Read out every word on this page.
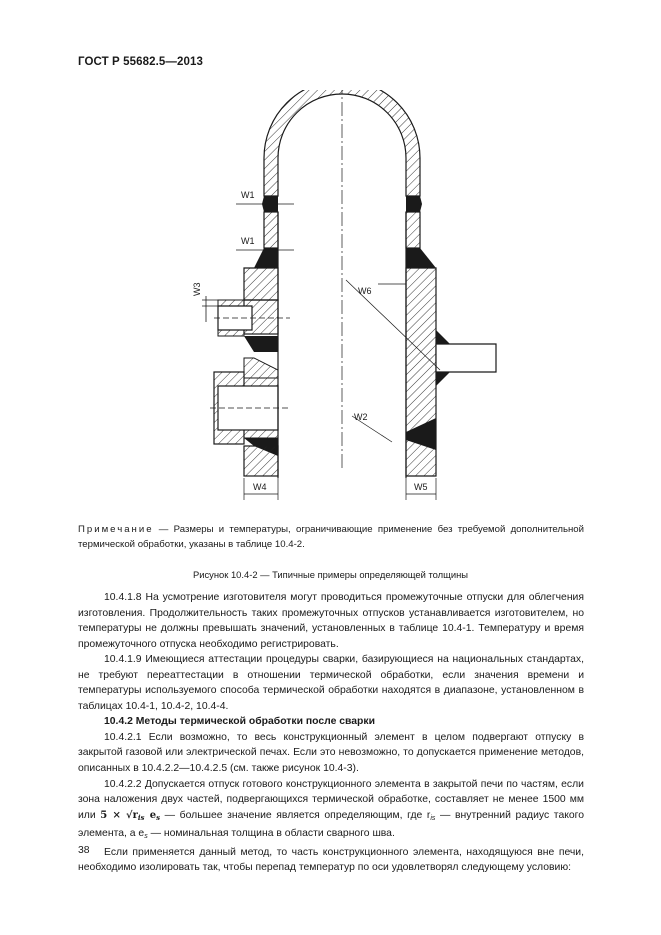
ГОСТ Р 55682.5—2013
W1
W1
W3	W6
W2
W4	W5
Примечание — Размеры и температуры, ограничивающие применение без требуемой дополнительной термической обработки, указаны в таблице 10.4-2.
Рисунок 10.4-2 — Типичные примеры определяющей толщины

10.4.1.8 На усмотрение изготовителя могут проводиться промежуточные отпуски для облегчения изготовления. Продолжительность таких промежуточных отпусков устанавливается изготовителем, но температуры не должны превышать значений, установленных в таблице 10.4-1. Температуру и время промежуточного отпуска необходимо регистрировать.

10.4.1.9 Имеющиеся аттестации процедуры сварки, базирующиеся на национальных стандартах, не требуют переаттестации в отношении термической обработки, если значения времени и температуры используемого способа термической обработки находятся в диапазоне, установленном в таблицах 10.4-1, 10.4-2, 10.4-4.

10.4.2 Методы термической обработки после сварки

10.4.2.1 Если возможно, то весь конструкционный элемент в целом подвергают отпуску в закрытой газовой или электрической печах. Если это невозможно, то допускается применение методов, описанных в 10.4.2.2—10.4.2.5 (см. также рисунок 10.4-3).

10.4.2.2 Допускается отпуск готового конструкционного элемента в закрытой печи по частям, если зона наложения двух частей, подвергающихся термической обработке, составляет не менее 1500 мм или $5 \times √r_{is}$ $e_s$ — большее значение является определяющим, где $r_{is}$ — внутренний радиус такого элемента, а $e_s$ — номинальная толщина в области сварного шва.

Если применяется данный метод, то часть конструкционного элемента, находящуюся вне печи, необходимо изолировать так, чтобы перепад температур по оси удовлетворял следующему условию:

38
